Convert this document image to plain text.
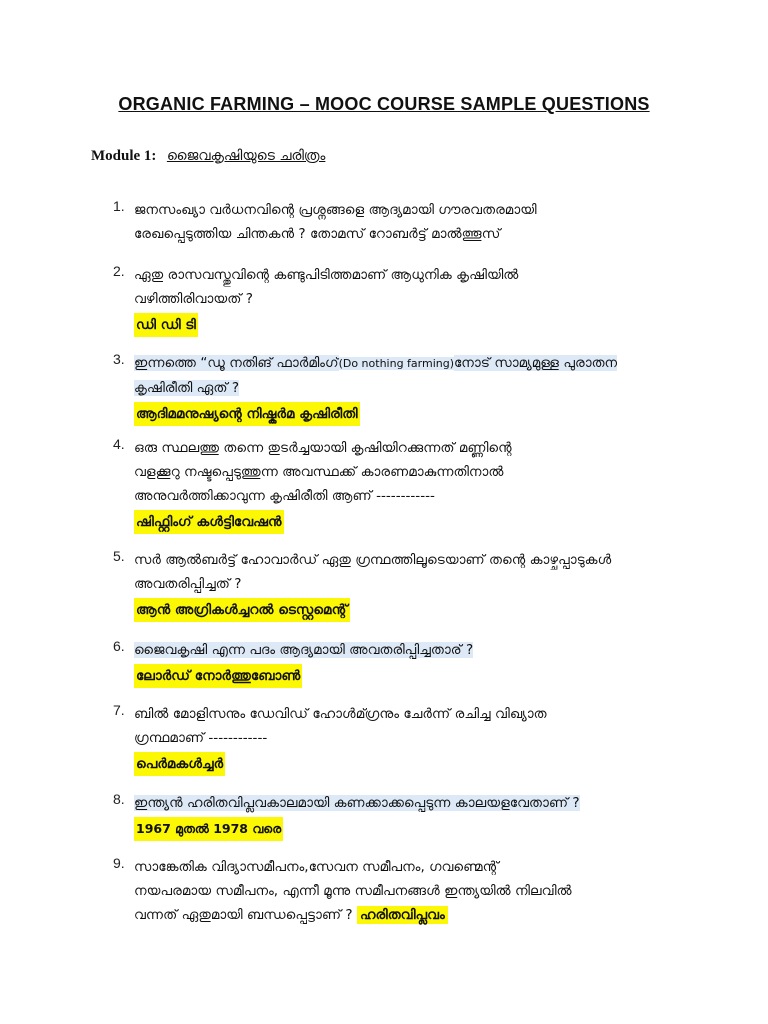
ORGANIC FARMING – MOOC COURSE SAMPLE QUESTIONS
Module 1: ജൈവകൃഷിയുടെ ചരിത്രം
1. ജനസംഖ്യാ വർധനവിന്റെ പ്രശ്നങ്ങളെ ആദ്യമായി ഗൗരവതരമായി
രേഖപ്പെടുത്തിയ ചിന്തകൻ ? തോമസ് റോബർട്ട് മാൽത്തൂസ്
2. ഏതു രാസവസ്തുവിന്റെ കണ്ടുപിടിത്തമാണ് ആധുനിക കൃഷിയിൽ
വഴിത്തിരിവായത് ?
ഡി ഡി ടി
3. ഇന്നത്തെ “ഡൂ നതിങ് ഫാർമിംഗ്(Do nothing farming)നോട് സാമ്യമുള്ള പുരാതന
കൃഷിരീതി ഏത് ?
ആദിമമനുഷ്യന്റെ നിഷ്കർമ കൃഷിരീതി
4. ഒരു സ്ഥലത്തു തന്നെ തുടർച്ചയായി കൃഷിയിറക്കുന്നത് മണ്ണിന്റെ
വളക്കൂറു നഷ്ടപ്പെടുത്തുന്ന അവസ്ഥക്ക് കാരണമാകുന്നതിനാൽ
അനുവർത്തിക്കാവുന്ന കൃഷിരീതി ആണ് ------------
ഷിഫ്റ്റിംഗ് കൾട്ടിവേഷൻ
5. സർ ആൽബർട്ട് ഹോവാർഡ് ഏതു ഗ്രന്ഥത്തിലൂടെയാണ് തന്റെ കാഴ്ചപ്പാടുകൾ
അവതരിപ്പിച്ചത് ?
ആൻ അഗ്രികൾച്ചറൽ ടെസ്റ്റമെന്റ്
6. ജൈവകൃഷി എന്ന പദം ആദ്യമായി അവതരിപ്പിച്ചതാര് ?
ലോർഡ് നോർത്തുബോൺ
7. ബിൽ മോളിസനും ഡേവിഡ് ഹോൾമ്ഗ്രനും ചേർന്ന് രചിച്ച വിഖ്യാത
ഗ്രന്ഥമാണ് ------------
പെർമകൾച്ചർ
8. ഇന്ത്യൻ ഹരിതവിപ്ലവകാലമായി കണക്കാക്കപ്പെടുന്ന കാലയളവേതാണ് ?
1967 മുതൽ 1978 വരെ
9. സാങ്കേതിക വിദ്യാസമീപനം,സേവന സമീപനം, ഗവണ്മെന്റ്
നയപരമായ സമീപനം, എന്നീ മൂന്നു സമീപനങ്ങൾ ഇന്ത്യയിൽ നിലവിൽ
വന്നത് ഏതുമായി ബന്ധപ്പെട്ടാണ് ? ഹരിതവിപ്ലവം
